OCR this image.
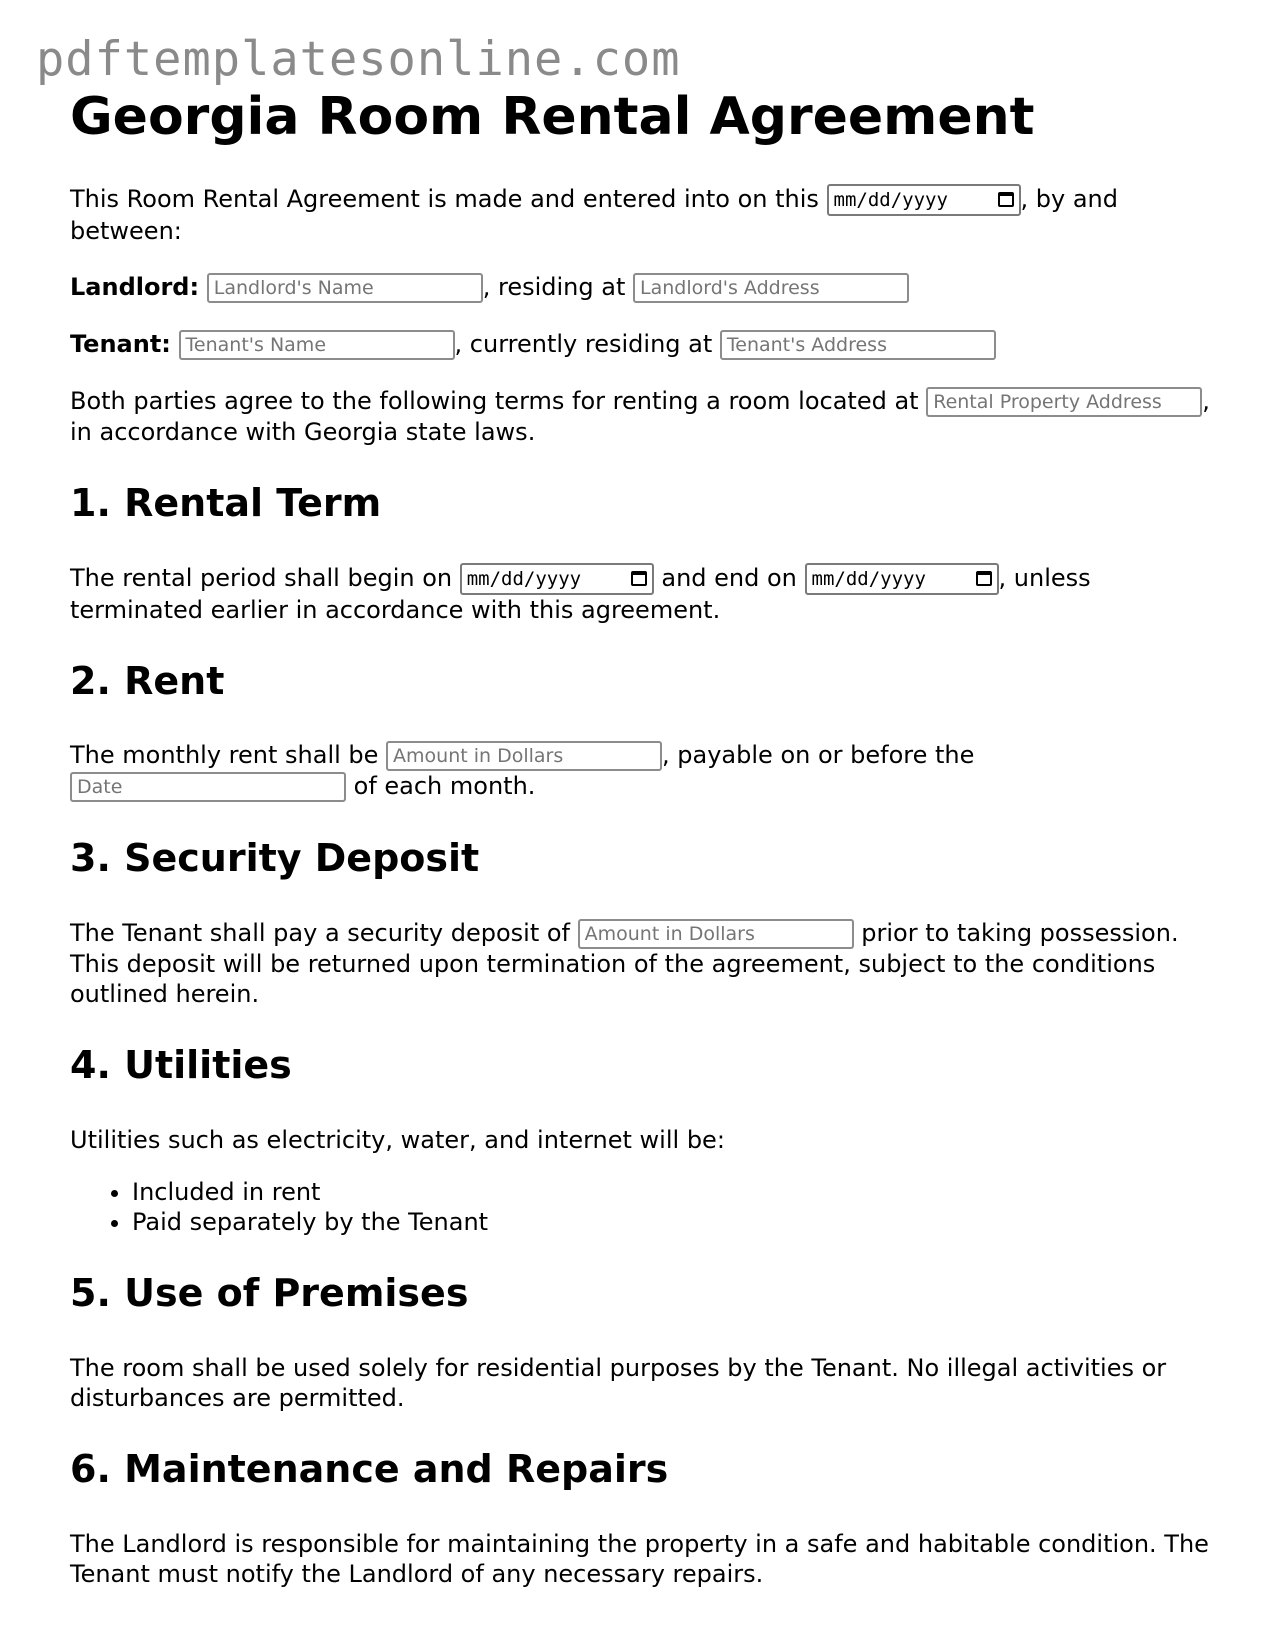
pdftemplatesonline.com
Georgia Room Rental Agreement

This Room Rental Agreement is made and entered into on this mm/dd/yyyy	, by and between:

Landlord: Landlord's Name	, residing at Landlord's Address

Tenant: Tenant's Name	, currently residing at Tenant's Address

Both parties agree to the following terms for renting a room located at Rental Property Address , in accordance with Georgia state laws.

1. Rental Term

The rental period shall begin on mm/dd/yyyy	and end on mm/dd/yyyy	, unless terminated earlier in accordance with this agreement.

2. Rent

The monthly rent shall be Amount in Dollars	, payable on or before the Date	of each month.

3. Security Deposit

The Tenant shall pay a security deposit of Amount in Dollars	prior to taking possession. This deposit will be returned upon termination of the agreement, subject to the conditions outlined herein.

4. Utilities

Utilities such as electricity, water, and internet will be:

• Included in rent
• Paid separately by the Tenant
5. Use of Premises

The room shall be used solely for residential purposes by the Tenant. No illegal activities or disturbances are permitted.

6. Maintenance and Repairs

The Landlord is responsible for maintaining the property in a safe and habitable condition. The Tenant must notify the Landlord of any necessary repairs.
